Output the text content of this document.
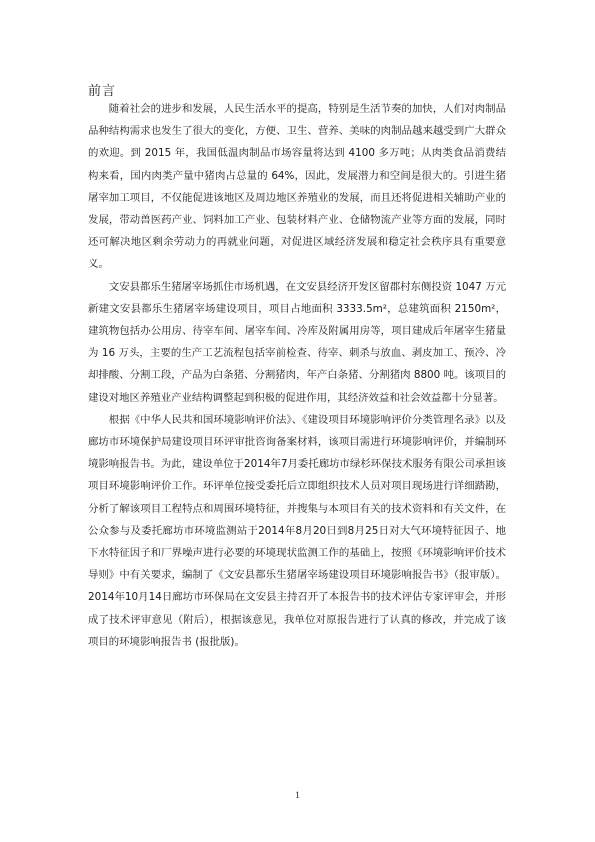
前言

随着社会的进步和发展，人民生活水平的提高，特别是生活节奏的加快，人们对肉制品品种结构需求也发生了很大的变化，方便、卫生、营养、美味的肉制品越来越受到广大群众的欢迎。到 2015 年，我国低温肉制品市场容量将达到 4100 多万吨；从肉类食品消费结构来看，国内肉类产量中猪肉占总量的 64%，因此，发展潜力和空间是很大的。引进生猪屠宰加工项目，不仅能促进该地区及周边地区养殖业的发展，而且还将促进相关辅助产业的发展，带动兽医药产业、饲料加工产业、包装材料产业、仓储物流产业等方面的发展，同时还可解决地区剩余劳动力的再就业问题，对促进区域经济发展和稳定社会秩序具有重要意义。

文安县都乐生猪屠宰场抓住市场机遇，在文安县经济开发区留郡村东侧投资 1047 万元新建文安县都乐生猪屠宰场建设项目，项目占地面积 3333.5m²，总建筑面积 2150m²，建筑物包括办公用房、待宰车间、屠宰车间、冷库及附属用房等，项目建成后年屠宰生猪量为 16 万头，主要的生产工艺流程包括宰前检查、待宰、刺杀与放血、剥皮加工、预冷、冷却排酸、分割工段，产品为白条猪、分割猪肉，年产白条猪、分割猪肉 8800 吨。该项目的建设对地区养殖业产业结构调整起到积极的促进作用，其经济效益和社会效益都十分显著。

根据《中华人民共和国环境影响评价法》、《建设项目环境影响评价分类管理名录》以及廊坊市环境保护局建设项目环评审批咨询备案材料，该项目需进行环境影响评价，并编制环境影响报告书。为此，建设单位于2014年7月委托廊坊市绿杉环保技术服务有限公司承担该项目环境影响评价工作。环评单位接受委托后立即组织技术人员对项目现场进行详细踏勘，分析了解该项目工程特点和周围环境特征，并搜集与本项目有关的技术资料和有关文件，在公众参与及委托廊坊市环境监测站于2014年8月20日到8月25日对大气环境特征因子、地下水特征因子和厂界噪声进行必要的环境现状监测工作的基础上，按照《环境影响评价技术导则》中有关要求，编制了《文安县都乐生猪屠宰场建设项目环境影响报告书》（报审版）。2014年10月14日廊坊市环保局在文安县主持召开了本报告书的技术评估专家评审会，并形成了技术评审意见（附后），根据该意见，我单位对原报告进行了认真的修改，并完成了该项目的环境影响报告书 (报批版)。

1
